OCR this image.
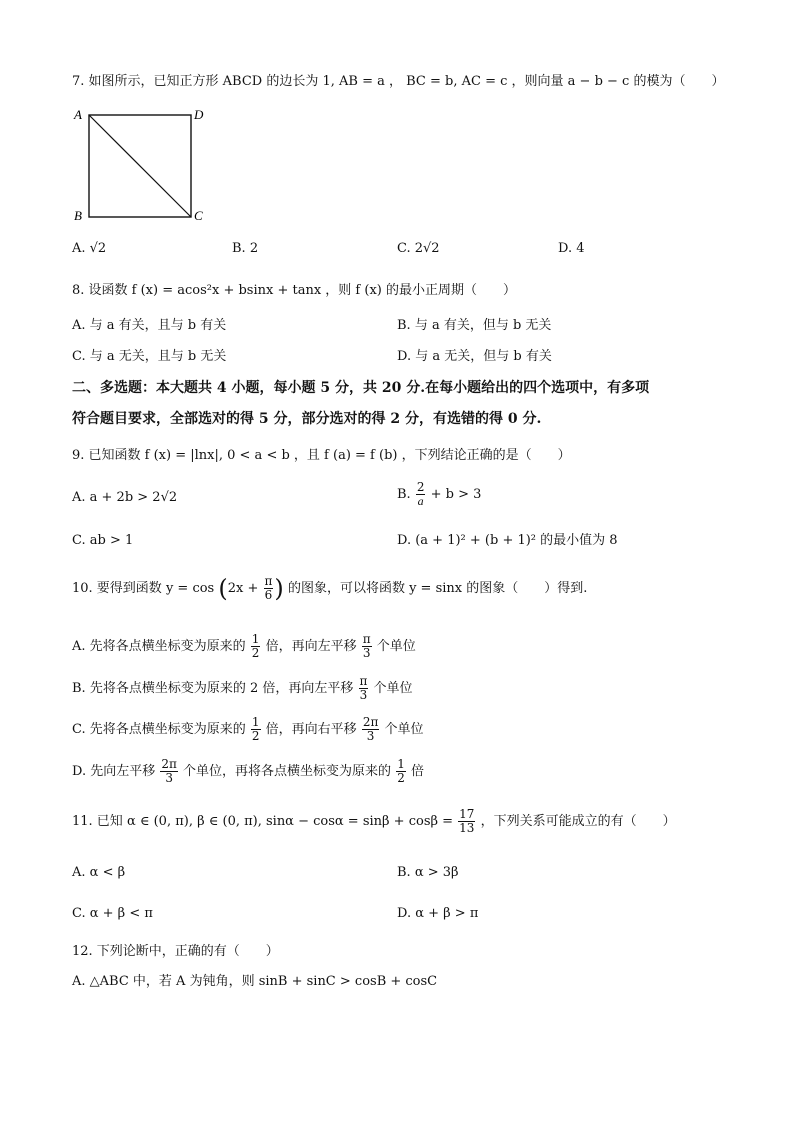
7. 如图所示，已知正方形 ABCD 的边长为 1, AB = a ， BC = b, AC = c ，则向量 a − b − c 的模为（　　）
A	D
B	C
A. √2	B. 2	C. 2√2	D. 4
8. 设函数 f (x) = acos²x + bsinx + tanx ，则 f (x) 的最小正周期（　　）
A. 与 a 有关，且与 b 有关	B. 与 a 有关，但与 b 无关
C. 与 a 无关，且与 b 无关	D. 与 a 无关，但与 b 有关
二、多选题：本大题共 4 小题，每小题 5 分，共 20 分.在每小题给出的四个选项中，有多项
符合题目要求，全部选对的得 5 分，部分选对的得 2 分，有选错的得 0 分.
9. 已知函数 f (x) = |lnx|, 0 < a < b ，且 f (a) = f (b) ，下列结论正确的是（　　）
A. a + 2b > 2√2	B. $\frac{2}{a} + b > 3$
C. ab > 1	D. (a + 1)² + (b + 1)² 的最小值为 8
10. 要得到函数 $y = \cos (2x + \frac{\pi}{6}$ ) 的图象，可以将函数 y = sinx 的图象（　　）得到.
A. 先将各点横坐标变为原来的 $\frac{1}{2}$ 倍，再向左平移 $\frac{\pi}{3}$ 个单位
B. 先将各点横坐标变为原来的 2 倍，再向左平移 $\frac{\pi}{3}$ 个单位
C. 先将各点横坐标变为原来的 $\frac{1}{2}$ 倍，再向右平移 $\frac{2\pi}{3}$ 个单位
D. 先向左平移 $\frac{2\pi}{3}$ 个单位，再将各点横坐标变为原来的 $\frac{1}{2}$ 倍
11. 已知 α ∈ (0, π), β ∈ (0, π), $\sin\alpha - \cos\alpha = \sin\beta + \cos\beta = \frac{17}{13}$ ，下列关系可能成立的有（　　）
A. α < β	B. α > 3β
C. α + β < π	D. α + β > π
12. 下列论断中，正确的有（　　）
A. △ABC 中，若 A 为钝角，则 sinB + sinC > cosB + cosC
